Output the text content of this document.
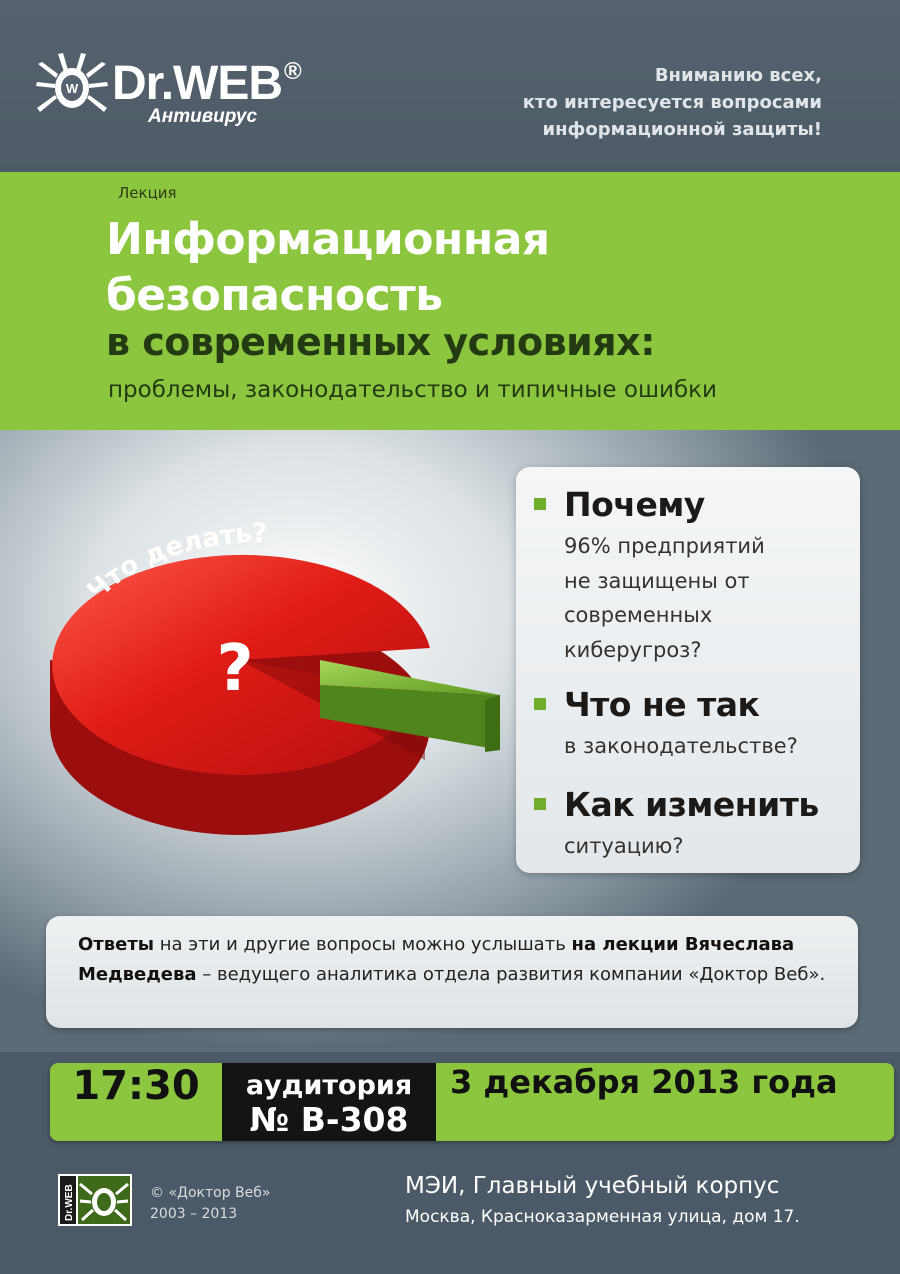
W Dr.WEB®
Антивирус
Вниманию всех,
кто интересуется вопросами
информационной защиты!
Лекция
Информационная
безопасность
в современных условиях:
проблемы, законодательство и типичные ошибки
?
Что делать?
Почему
96% предприятий
не защищены от
современных
киберугроз?
Что не так
в законодательстве?
Как изменить
ситуацию?
Ответы на эти и другие вопросы можно услышать на лекции Вячеслава Медведева – ведущего аналитика отдела развития компании «Доктор Веб».
17:30	аудитория
№ В-308
3 декабря 2013 года
Dr.WEB	© «Доктор Веб»
2003 – 2013
МЭИ, Главный учебный корпус
Москва, Красноказарменная улица, дом 17.
